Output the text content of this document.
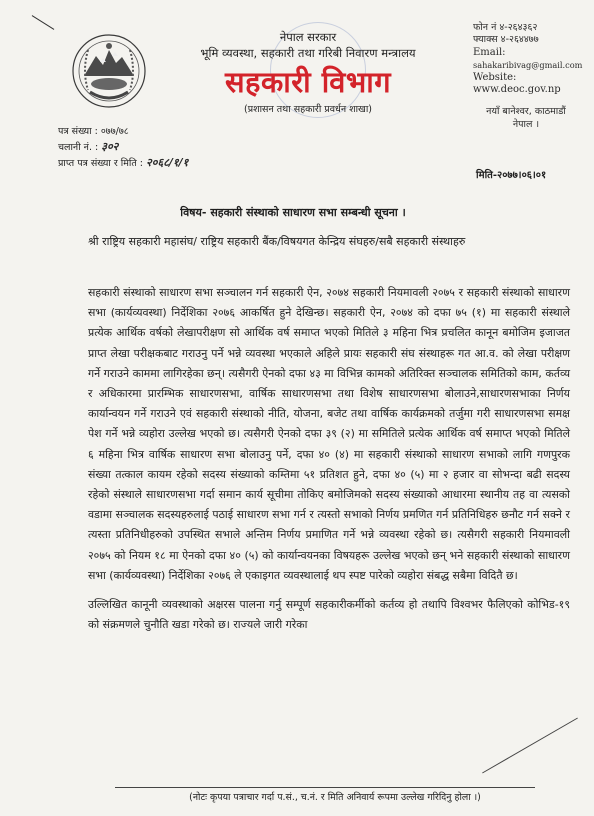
नेपाल सरकार
भूमि व्यवस्था, सहकारी तथा गरिबी निवारण मन्त्रालय
सहकारी विभाग
(प्रशासन तथा सहकारी प्रवर्धन शाखा)
फोन नं ४-२६४३६२
फ्याक्स ४-२६४४७७
Email:
sahakaribivag@gmail.com
Website:
www.deoc.gov.np
नयाँ बानेश्वर, काठमाडौं
नेपाल ।
पत्र संख्या : ०७७/७८
चलानी नं. : ३०२
प्राप्त पत्र संख्या र मिति : २०६८/१/१
मिति-२०७७।०६।०१
विषय- सहकारी संस्थाको साधारण सभा सम्बन्धी सूचना ।
श्री राष्ट्रिय सहकारी महासंघ/ राष्ट्रिय सहकारी बैंक/विषयगत केन्द्रिय संघहरु/सबै सहकारी संस्थाहरु

सहकारी संस्थाको साधारण सभा सञ्चालन गर्न सहकारी ऐन, २०७४ सहकारी नियमावली २०७५ र सहकारी संस्थाको साधारण सभा (कार्यव्यवस्था) निर्देशिका २०७६ आकर्षित हुने देखिन्छ। सहकारी ऐन, २०७४ को दफा ७५ (१) मा सहकारी संस्थाले प्रत्येक आर्थिक वर्षको लेखापरीक्षण सो आर्थिक वर्ष समाप्त भएको मितिले ३ महिना भित्र प्रचलित कानून बमोजिम इजाजत प्राप्त लेखा परीक्षकबाट गराउनु पर्ने भन्ने व्यवस्था भएकाले अहिले प्रायः सहकारी संघ संस्थाहरू गत आ.व. को लेखा परीक्षण गर्ने गराउने काममा लागिरहेका छन्। त्यसैगरी ऐनको दफा ४३ मा विभिन्न कामको अतिरिक्त सञ्चालक समितिको काम, कर्तव्य र अधिकारमा प्रारम्भिक साधारणसभा, वार्षिक साधारणसभा तथा विशेष साधारणसभा बोलाउने,साधारणसभाका निर्णय कार्यान्वयन गर्ने गराउने एवं सहकारी संस्थाको नीति, योजना, बजेट तथा वार्षिक कार्यक्रमको तर्जुमा गरी साधारणसभा समक्ष पेश गर्ने भन्ने व्यहोरा उल्लेख भएको छ। त्यसैगरी ऐनको दफा ३९ (२) मा समितिले प्रत्येक आर्थिक वर्ष समाप्त भएको मितिले ६ महिना भित्र वार्षिक साधारण सभा बोलाउनु पर्ने, दफा ४० (४) मा सहकारी संस्थाको साधारण सभाको लागि गणपुरक संख्या तत्काल कायम रहेको सदस्य संख्याको कम्तिमा ५१ प्रतिशत हुने, दफा ४० (५) मा २ हजार वा सोभन्दा बढी सदस्य रहेको संस्थाले साधारणसभा गर्दा समान कार्य सूचीमा तोकिए बमोजिमको सदस्य संख्याको आधारमा स्थानीय तह वा त्यसको वडामा सञ्चालक सदस्यहरुलाई पठाई साधारण सभा गर्न र त्यस्तो सभाको निर्णय प्रमणित गर्न प्रतिनिधिहरु छनौट गर्न सक्ने र त्यस्ता प्रतिनिधीहरुको उपस्थित सभाले अन्तिम निर्णय प्रमाणित गर्ने भन्ने व्यवस्था रहेको छ। त्यसैगरी सहकारी नियमावली २०७५ को नियम १८ मा ऐनको दफा ४० (५) को कार्यान्वयनका विषयहरू उल्लेख भएको छन् भने सहकारी संस्थाको साधारण सभा (कार्यव्यवस्था) निर्देशिका २०७६ ले एकाइगत व्यवस्थालाई थप स्पष्ट पारेको व्यहोरा संबद्ध सबैमा विदितै छ।

उल्लिखित कानूनी व्यवस्थाको अक्षरस पालना गर्नु सम्पूर्ण सहकारीकर्मीको कर्तव्य हो तथापि विश्वभर फैलिएको कोभिड-१९ को संक्रमणले चुनौति खडा गरेको छ। राज्यले जारी गरेका

(नोटः कृपया पत्राचार गर्दा प.सं., च.नं. र मिति अनिवार्य रूपमा उल्लेख गरिदिनु होला ।)
